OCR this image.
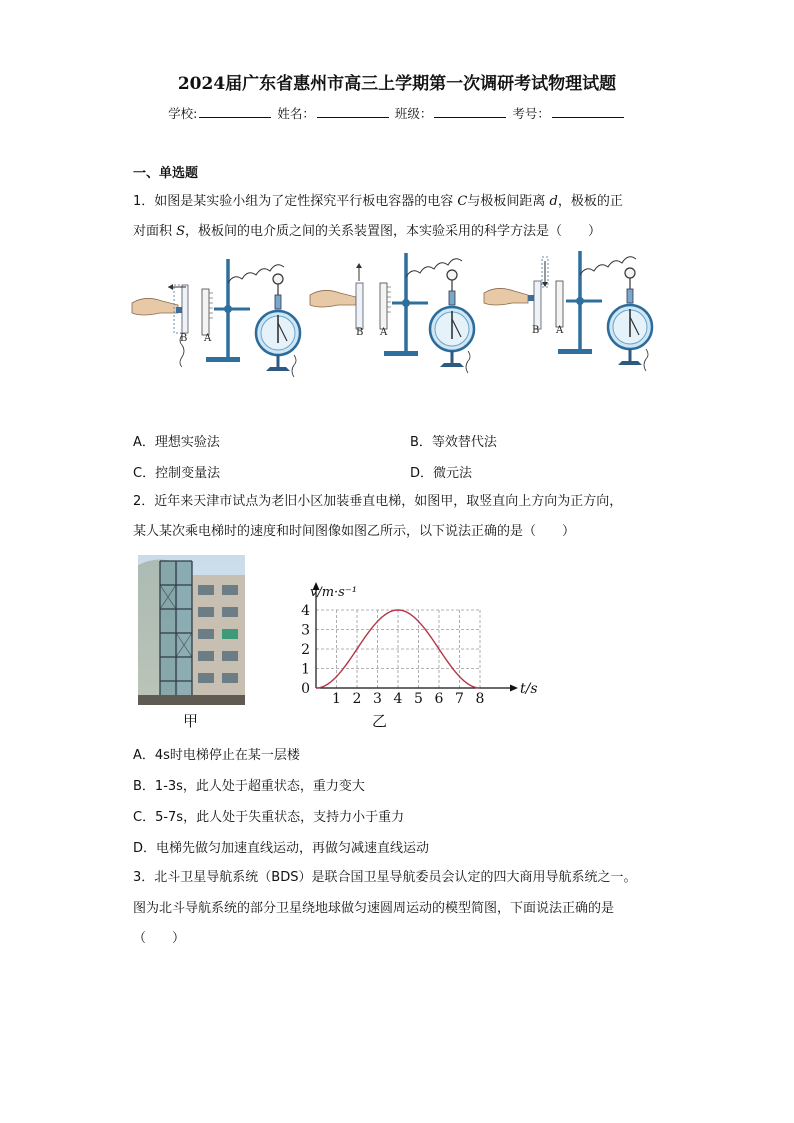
2024届广东省惠州市高三上学期第一次调研考试物理试题
学校:	姓名：	班级：	考号：
一、单选题
1．如图是某实验小组为了定性探究平行板电容器的电容 C与极板间距离 d，极板的正
对面积 S，极板间的电介质之间的关系装置图，本实验采用的科学方法是（　　）
B A
B A	B A
A．理想实验法	B．等效替代法
C．控制变量法	D．微元法
2．近年来天津市试点为老旧小区加装垂直电梯，如图甲，取竖直向上方向为正方向，
某人某次乘电梯时的速度和时间图像如图乙所示，以下说法正确的是（　　）
甲
1 2 3 4 5 6 7 8
1
2
3
4
0	t/s
v/m·s⁻¹
乙
A．4s时电梯停止在某一层楼
B．1-3s，此人处于超重状态，重力变大
C．5-7s，此人处于失重状态，支持力小于重力
D．电梯先做匀加速直线运动，再做匀减速直线运动
3．北斗卫星导航系统（BDS）是联合国卫星导航委员会认定的四大商用导航系统之一。
图为北斗导航系统的部分卫星绕地球做匀速圆周运动的模型简图，下面说法正确的是
（　　）
